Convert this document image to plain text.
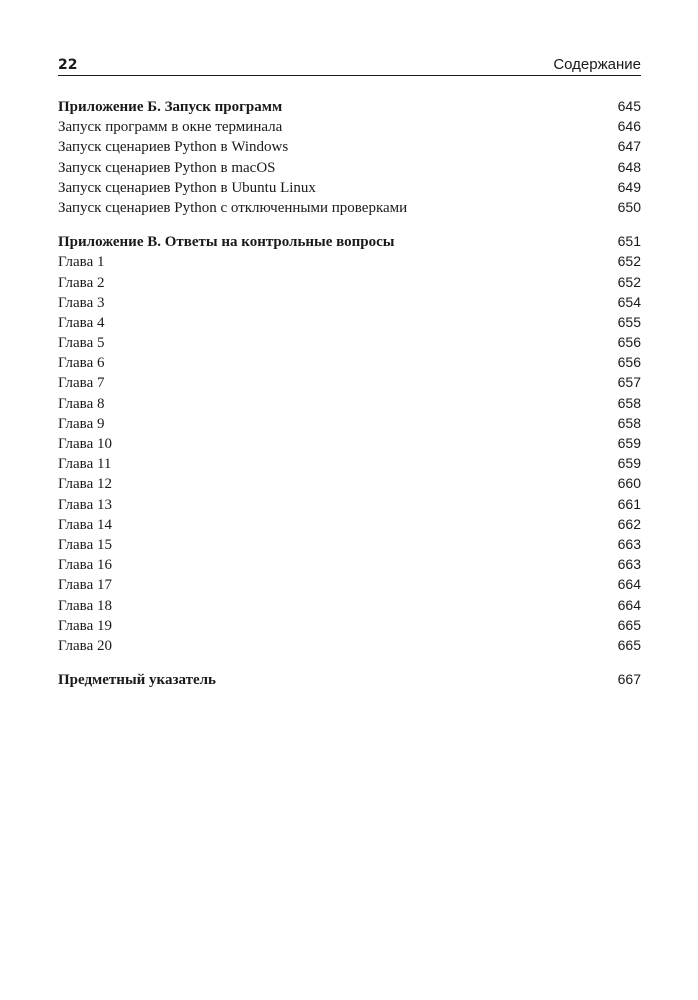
22	Содержание
Приложение Б. Запуск программ	645
Запуск программ в окне терминала	646
Запуск сценариев Python в Windows	647
Запуск сценариев Python в macOS	648
Запуск сценариев Python в Ubuntu Linux	649
Запуск сценариев Python с отключенными проверками	650
Приложение В. Ответы на контрольные вопросы	651
Глава 1	652
Глава 2	652
Глава 3	654
Глава 4	655
Глава 5	656
Глава 6	656
Глава 7	657
Глава 8	658
Глава 9	658
Глава 10	659
Глава 11	659
Глава 12	660
Глава 13	661
Глава 14	662
Глава 15	663
Глава 16	663
Глава 17	664
Глава 18	664
Глава 19	665
Глава 20	665
Предметный указатель	667
